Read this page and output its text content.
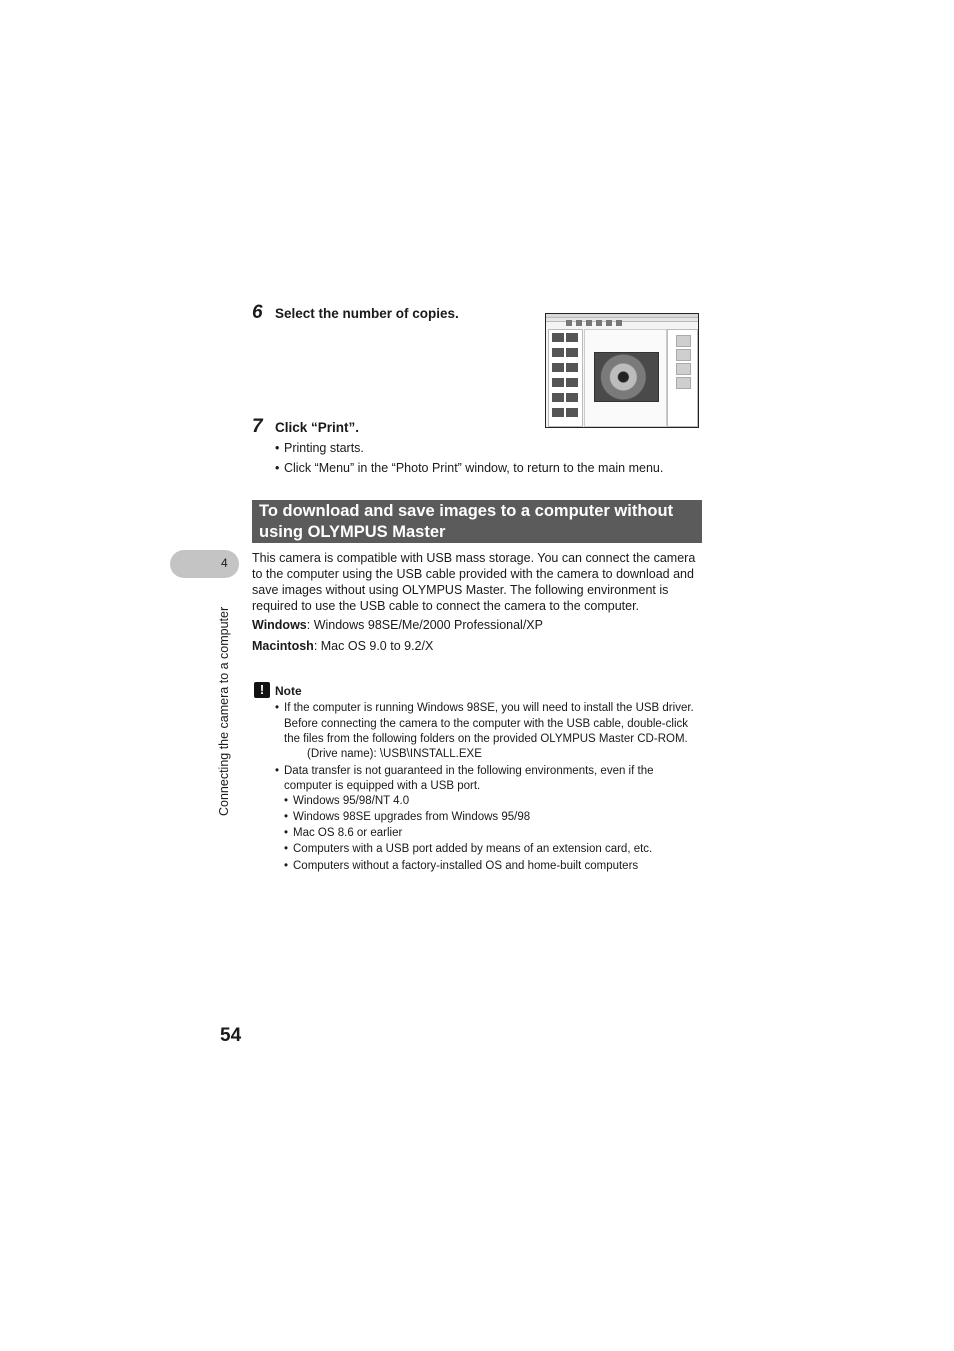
6 Select the number of copies.
7 Click “Print”.
• Printing starts.
• Click “Menu” in the “Photo Print” window, to return to the main menu.
To download and save images to a computer without
using OLYMPUS Master
This camera is compatible with USB mass storage. You can connect the camera
to the computer using the USB cable provided with the camera to download and
save images without using OLYMPUS Master. The following environment is
required to use the USB cable to connect the camera to the computer.
Windows: Windows 98SE/Me/2000 Professional/XP
Macintosh: Mac OS 9.0 to 9.2/X
! Note
• If the computer is running Windows 98SE, you will need to install the USB driver.
Before connecting the camera to the computer with the USB cable, double-click
the files from the following folders on the provided OLYMPUS Master CD-ROM.
(Drive name): \USB\INSTALL.EXE
• Data transfer is not guaranteed in the following environments, even if the
computer is equipped with a USB port.
• Windows 95/98/NT 4.0
• Windows 98SE upgrades from Windows 95/98
• Mac OS 8.6 or earlier
• Computers with a USB port added by means of an extension card, etc.
• Computers without a factory-installed OS and home-built computers
4
Connecting the camera to a computer
54
